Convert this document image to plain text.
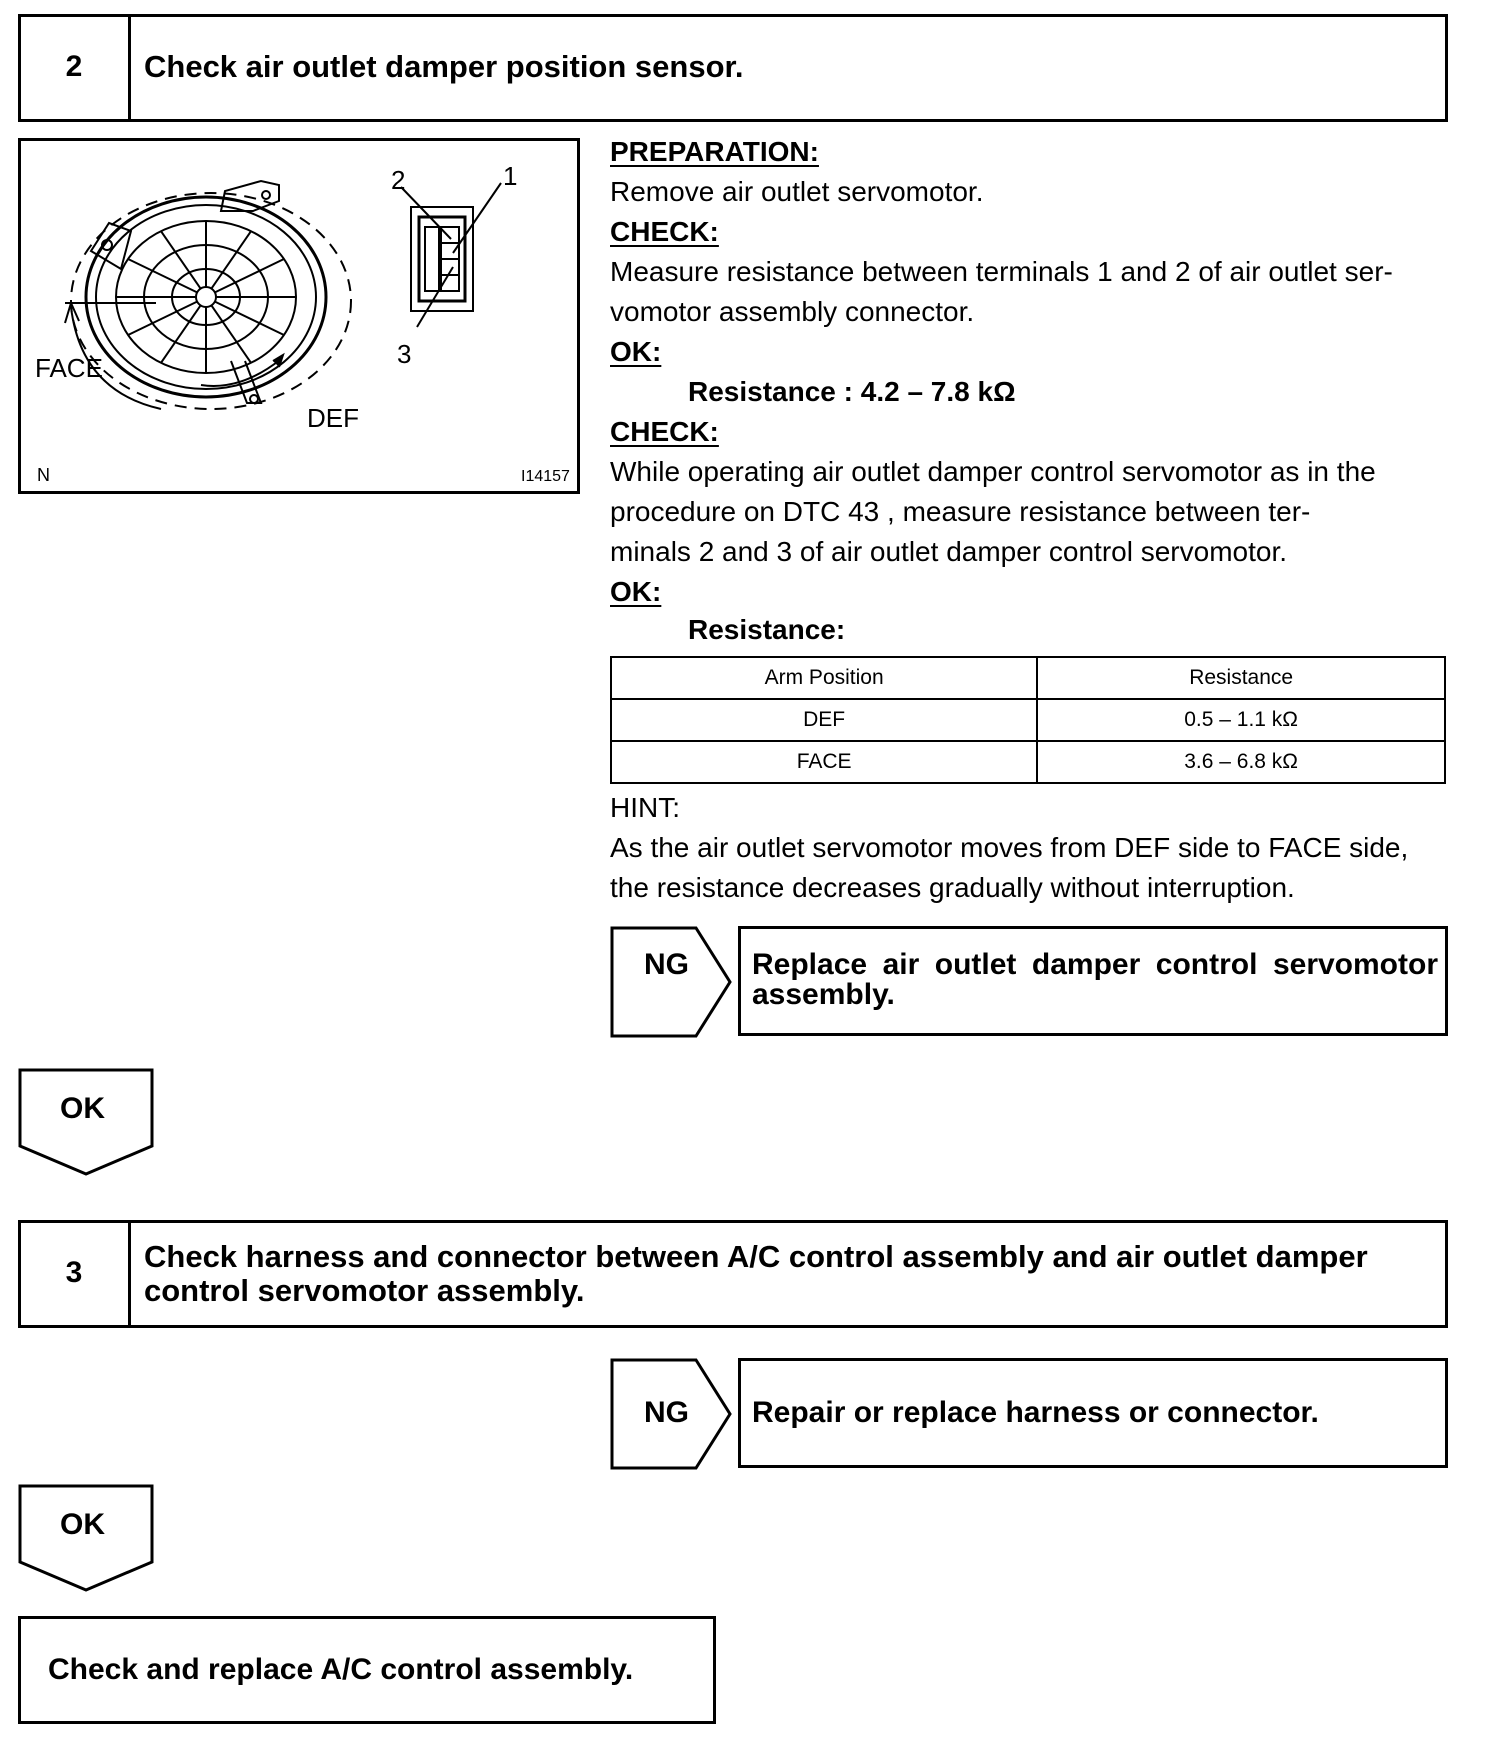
2	Check air outlet damper position sensor.
2	1
3
FACE
DEF
N	I14157
PREPARATION:
Remove air outlet servomotor.
CHECK:
Measure resistance between terminals 1 and 2 of air outlet ser-
vomotor assembly connector.
OK:
Resistance : 4.2 – 7.8 kΩ
CHECK:
While operating air outlet damper control servomotor as in the
procedure on DTC 43 , measure resistance between ter-
minals 2 and 3 of air outlet damper control servomotor.
OK:
Resistance:
Arm Position	Resistance
DEF	0.5 – 1.1 kΩ
FACE	3.6 – 6.8 kΩ
HINT:
As the air outlet servomotor moves from DEF side to FACE side,
the resistance decreases gradually without interruption.
NG Replace air outlet damper control servomotor assembly.
OK
3	Check harness and connector between A/C control assembly and air outlet damper control servomotor assembly.
NG Repair or replace harness or connector.
OK
Check and replace A/C control assembly.
